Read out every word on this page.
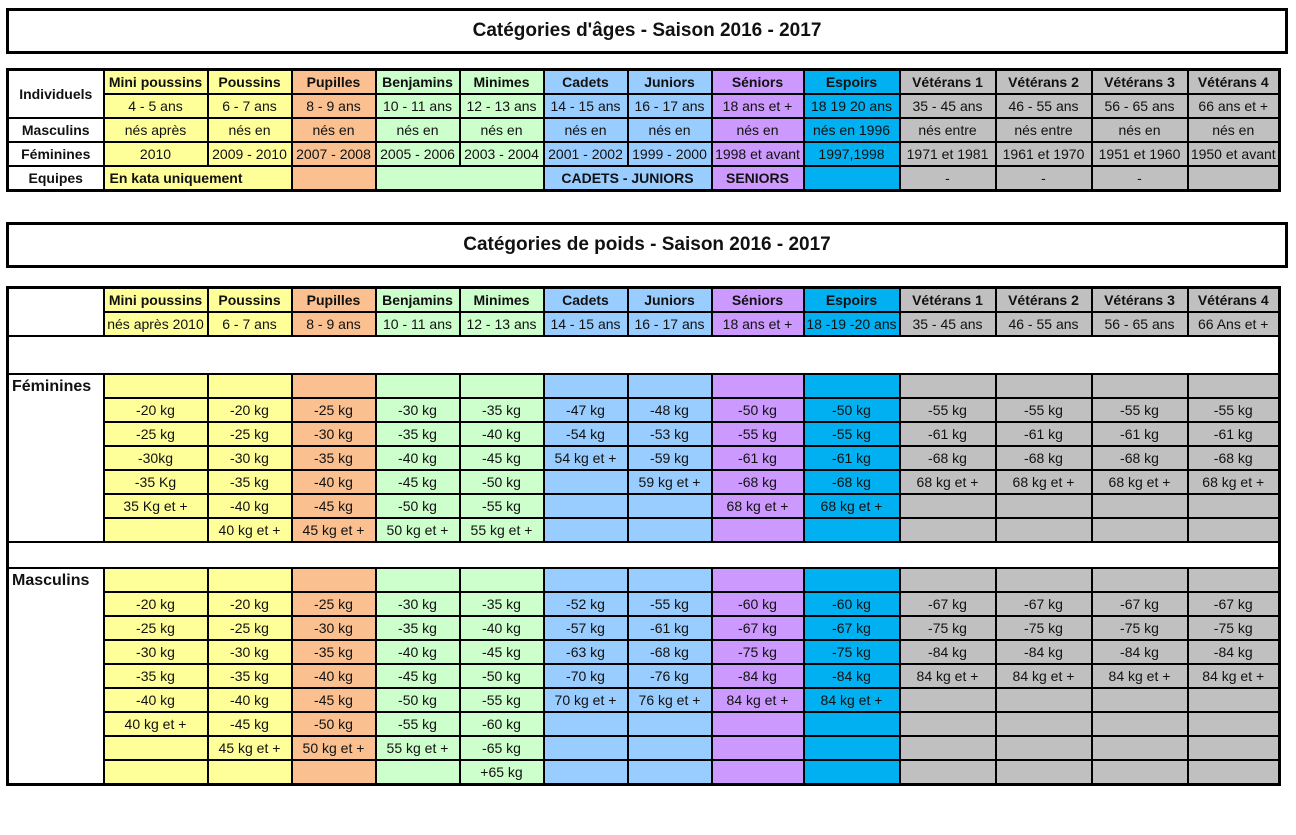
Catégories d'âges - Saison 2016 - 2017
Individuels	Mini poussins	Poussins	Pupilles	Benjamins	Minimes	Cadets	Juniors	Séniors	Espoirs	Vétérans 1	Vétérans 2	Vétérans 3	Vétérans 4
	4 - 5 ans	6 - 7 ans	8 - 9 ans	10 - 11 ans	12 - 13 ans	14 - 15 ans	16 - 17 ans	18 ans et +	18 19 20 ans	35 - 45 ans	46 - 55 ans	56 - 65 ans	66 ans et +
Masculins	nés après	nés en	nés en	nés en	nés en	nés en	nés en	nés en	nés en 1996	nés entre	nés entre	nés en	nés en
Féminines	2010	2009 - 2010	2007 - 2008	2005 - 2006	2003 - 2004	2001 - 2002	1999 - 2000	1998 et avant	1997,1998	1971 et 1981	1961 et 1970	1951 et 1960	1950 et avant
Equipes	En kata uniquement					CADETS - JUNIORS		SENIORS		-	-	-	
Catégories de poids - Saison 2016 - 2017
	Mini poussins	Poussins	Pupilles	Benjamins	Minimes	Cadets	Juniors	Séniors	Espoirs	Vétérans 1	Vétérans 2	Vétérans 3	Vétérans 4
	nés après 2010	6 - 7 ans	8 - 9 ans	10 - 11 ans	12 - 13 ans	14 - 15 ans	16 - 17 ans	18 ans et +	18 -19 -20 ans	35 - 45 ans	46 - 55 ans	56 - 65 ans	66 Ans et +

Féminines													
	-20 kg	-20 kg	-25 kg	-30 kg	-35 kg	-47 kg	-48 kg	-50 kg	-50 kg	-55 kg	-55 kg	-55 kg	-55 kg
	-25 kg	-25 kg	-30 kg	-35 kg	-40 kg	-54 kg	-53 kg	-55 kg	-55 kg	-61 kg	-61 kg	-61 kg	-61 kg
	-30kg	-30 kg	-35 kg	-40 kg	-45 kg	54 kg et +	-59 kg	-61 kg	-61 kg	-68 kg	-68 kg	-68 kg	-68 kg
	-35 Kg	-35 kg	-40 kg	-45 kg	-50 kg		59 kg et +	-68 kg	-68 kg	68 kg et +	68 kg et +	68 kg et +	68 kg et +
	35 Kg et +	-40 kg	-45 kg	-50 kg	-55 kg			68 kg et +	68 kg et +				
		40 kg et +	45 kg et +	50 kg et +	55 kg et +								

Masculins													
	-20 kg	-20 kg	-25 kg	-30 kg	-35 kg	-52 kg	-55 kg	-60 kg	-60 kg	-67 kg	-67 kg	-67 kg	-67 kg
	-25 kg	-25 kg	-30 kg	-35 kg	-40 kg	-57 kg	-61 kg	-67 kg	-67 kg	-75 kg	-75 kg	-75 kg	-75 kg
	-30 kg	-30 kg	-35 kg	-40 kg	-45 kg	-63 kg	-68 kg	-75 kg	-75 kg	-84 kg	-84 kg	-84 kg	-84 kg
	-35 kg	-35 kg	-40 kg	-45 kg	-50 kg	-70 kg	-76 kg	-84 kg	-84 kg	84 kg et +	84 kg et +	84 kg et +	84 kg et +
	-40 kg	-40 kg	-45 kg	-50 kg	-55 kg	70 kg et +	76 kg et +	84 kg et +	84 kg et +				
	40 kg et +	-45 kg	-50 kg	-55 kg	-60 kg								
		45 kg et +	50 kg et +	55 kg et +	-65 kg								
					+65 kg								
